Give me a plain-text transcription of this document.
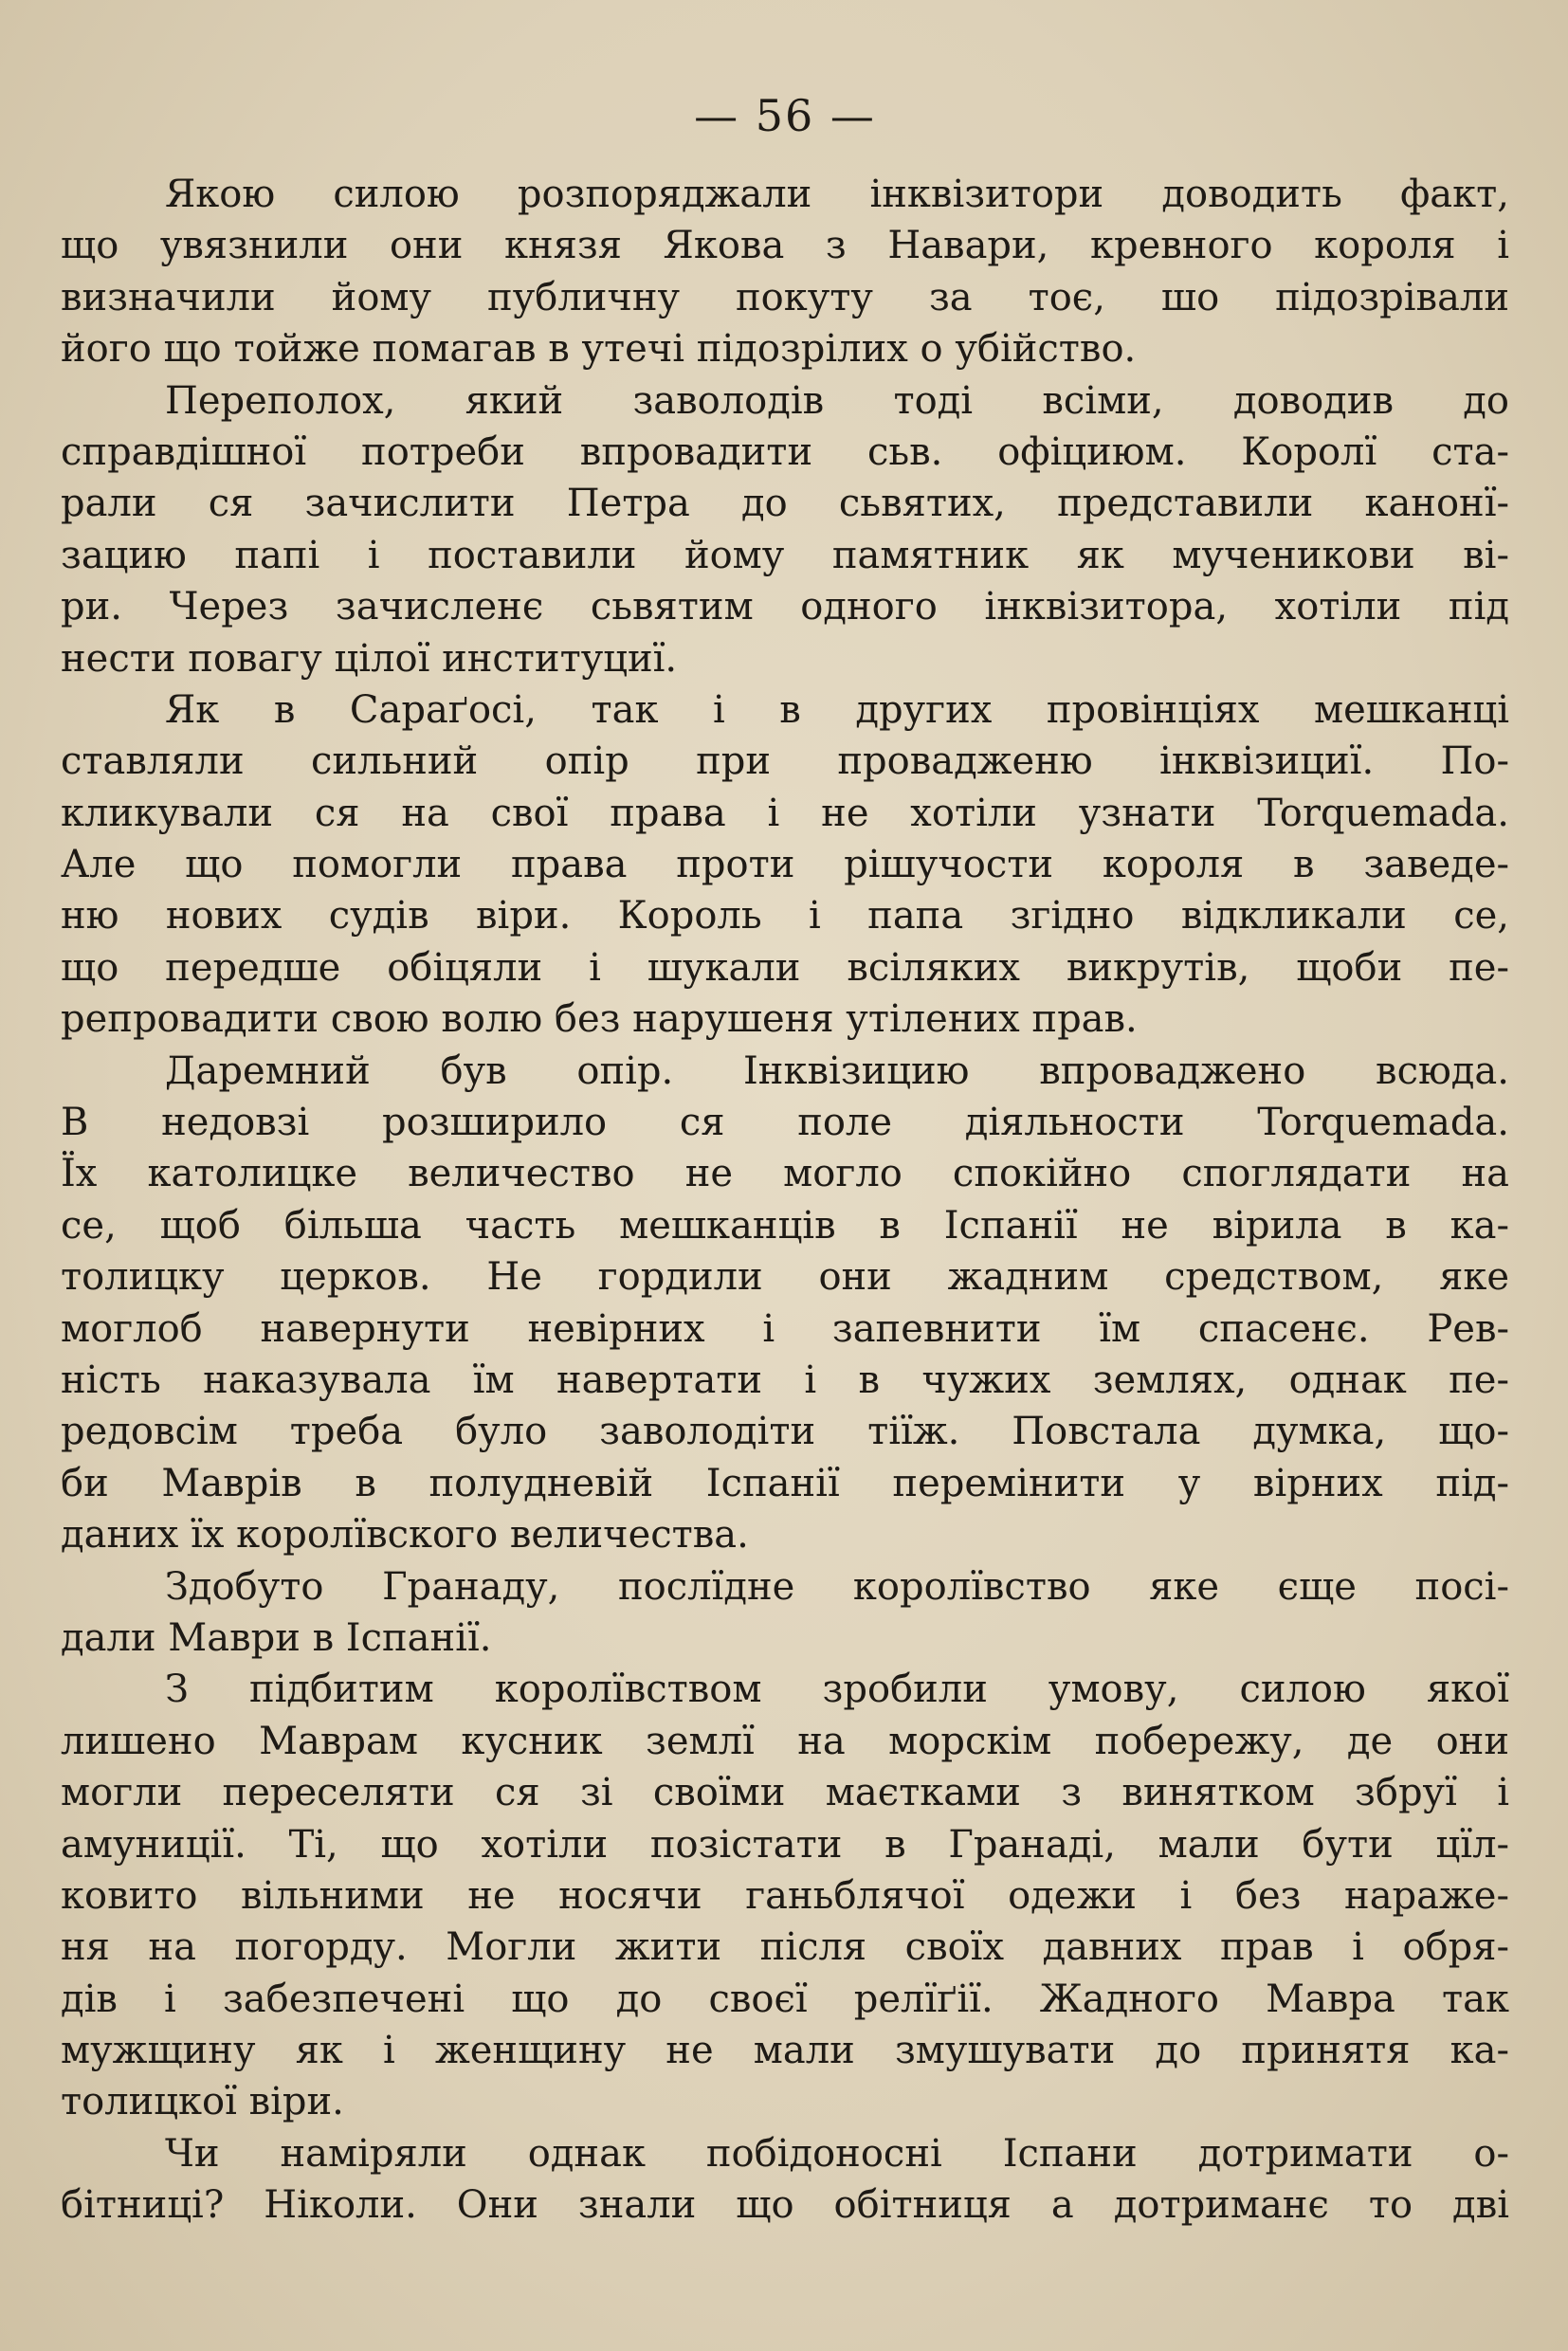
— 56 —
Якою силою розпоряджали інквізитори доводить факт,
що увязнили они князя Якова з Навари, кревного короля і
визначили йому публичну покуту за тоє, шо підозрівали
його що тойже помагав в утечі підозрілих о убійство.
Переполох, який заволодів тоді всіми, доводив до
справдішної потреби впровадити сьв. офіциюм. Королї ста-
рали ся зачислити Петра до сьвятих, представили канонї-
зацию папі і поставили йому памятник як мученикови ві-
ри. Через зачисленє сьвятим одного інквізитора, хотіли під
нести повагу цілої институциї.
Як в Сараґосі, так і в других провінціях мешканці
ставляли сильний опір при провадженю інквізициї. По-
кликували ся на свої права і не хотіли узнати Torquemada.
Але що помогли права проти рішучости короля в заведе-
ню нових судів віри. Король і папа згідно відкликали се,
що передше обіцяли і шукали всіляких викрутів, щоби пе-
репровадити свою волю без нарушеня утілених прав.
Даремний був опір. Інквізицию впроваджено всюда.
В недовзі розширило ся поле діяльности Torquemada.
Їх католицке величество не могло спокійно споглядати на
се, щоб більша часть мешканців в Іспанії не вірила в ка-
толицку церков. Не гордили они жадним средством, яке
моглоб навернути невірних і запевнити їм спасенє. Рев-
ність наказувала їм навертати і в чужих землях, однак пе-
редовсім треба було заволодіти тіїж. Повстала думка, що-
би Маврів в полудневій Іспанії перемінити у вірних під-
даних їх королївского величества.
Здобуто Гранаду, послїдне королївство яке єще посі-
дали Маври в Іспанії.
З підбитим королївством зробили умову, силою якої
лишено Маврам кусник землї на морскім побережу, де они
могли переселяти ся зі своїми маєтками з винятком збруї і
амуниції. Ті, що хотіли позістати в Гранаді, мали бути цїл-
ковито вільними не носячи ганьблячої одежи і без нараже-
ня на погорду. Могли жити після своїх давних прав і обря-
дів і забезпечені що до своєї релїґії. Жадного Мавра так
мужщину як і женщину не мали змушувати до принятя ка-
толицкої віри.
Чи наміряли однак побідоносні Іспани дотримати о-
бітниці? Ніколи. Они знали що обітниця а дотриманє то дві
